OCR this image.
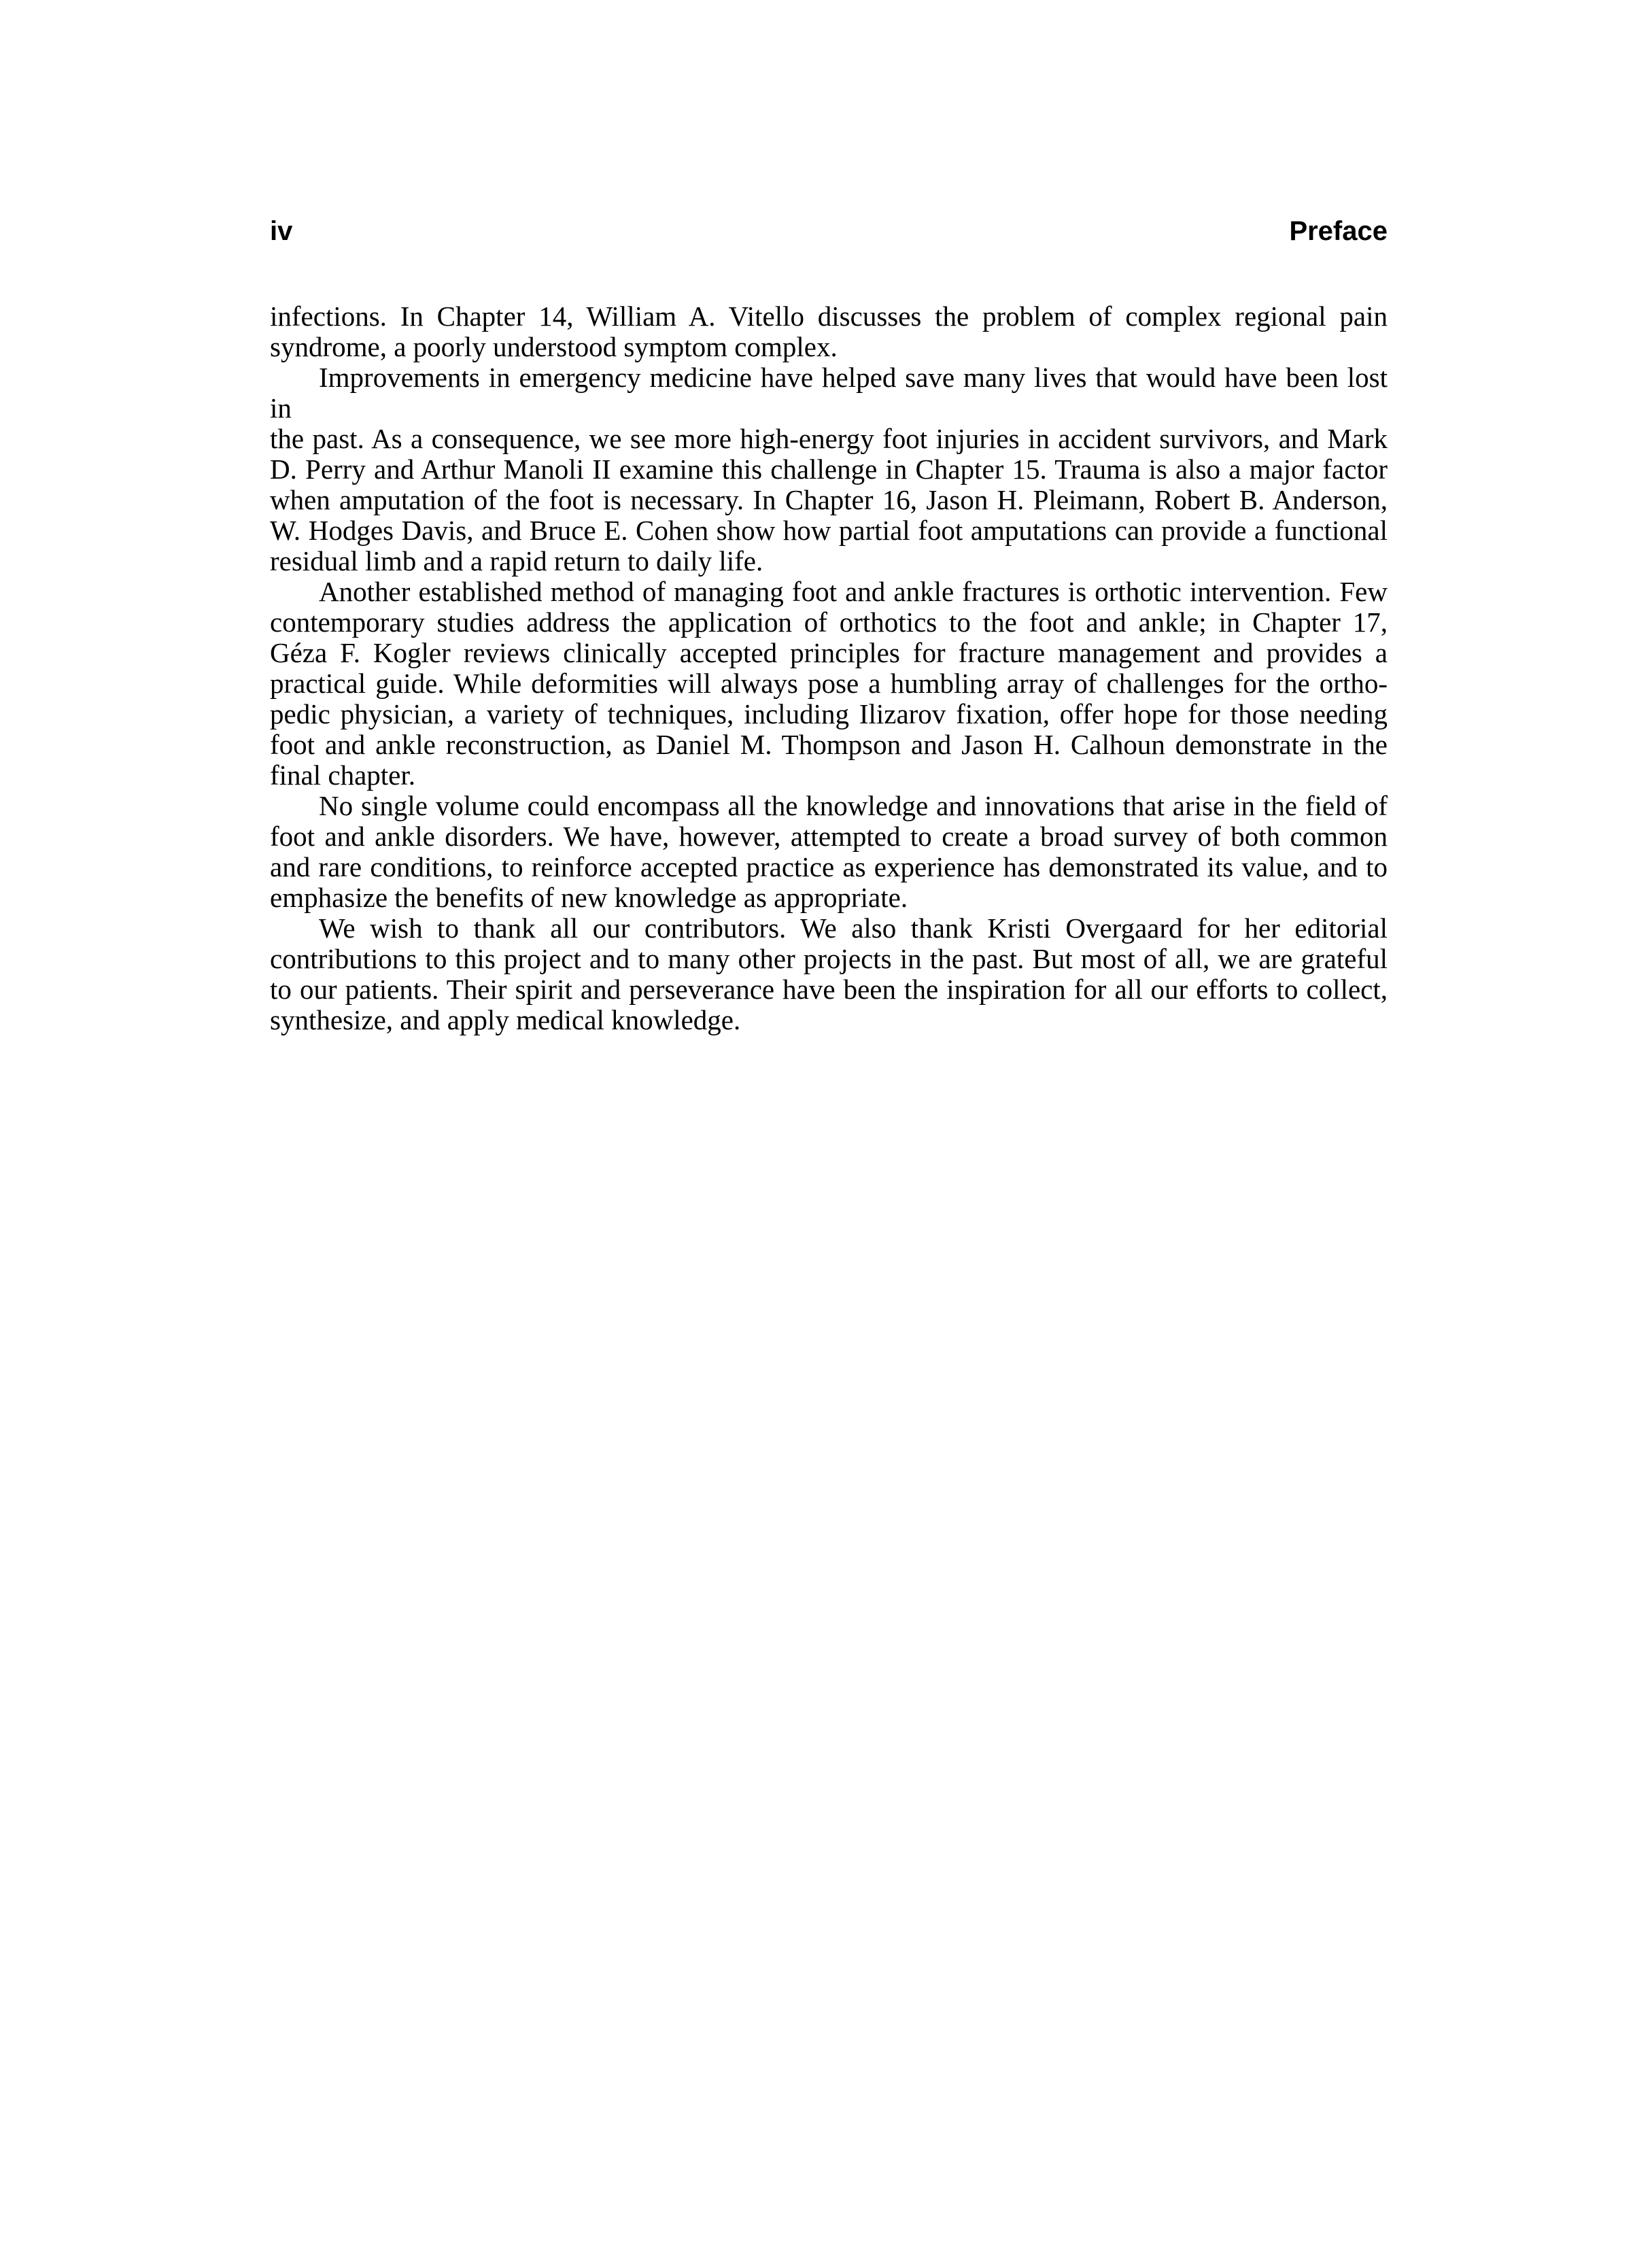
iv	Preface
infections. In Chapter 14, William A. Vitello discusses the problem of complex regional pain
syndrome, a poorly understood symptom complex.
Improvements in emergency medicine have helped save many lives that would have been lost in
the past. As a consequence, we see more high-energy foot injuries in accident survivors, and Mark
D. Perry and Arthur Manoli II examine this challenge in Chapter 15. Trauma is also a major factor
when amputation of the foot is necessary. In Chapter 16, Jason H. Pleimann, Robert B. Anderson,
W. Hodges Davis, and Bruce E. Cohen show how partial foot amputations can provide a functional
residual limb and a rapid return to daily life.
Another established method of managing foot and ankle fractures is orthotic intervention. Few
contemporary studies address the application of orthotics to the foot and ankle; in Chapter 17,
Géza F. Kogler reviews clinically accepted principles for fracture management and provides a
practical guide. While deformities will always pose a humbling array of challenges for the ortho-
pedic physician, a variety of techniques, including Ilizarov fixation, offer hope for those needing
foot and ankle reconstruction, as Daniel M. Thompson and Jason H. Calhoun demonstrate in the
final chapter.
No single volume could encompass all the knowledge and innovations that arise in the field of
foot and ankle disorders. We have, however, attempted to create a broad survey of both common
and rare conditions, to reinforce accepted practice as experience has demonstrated its value, and to
emphasize the benefits of new knowledge as appropriate.
We wish to thank all our contributors. We also thank Kristi Overgaard for her editorial
contributions to this project and to many other projects in the past. But most of all, we are grateful
to our patients. Their spirit and perseverance have been the inspiration for all our efforts to collect,
synthesize, and apply medical knowledge.
